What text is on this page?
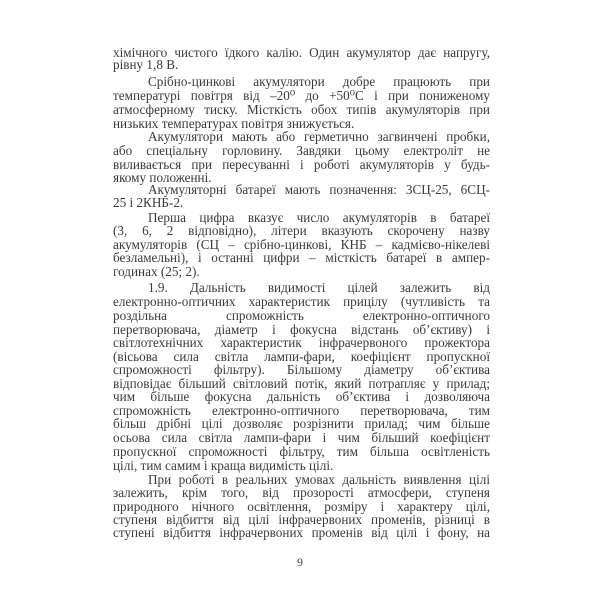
хімічного чистого їдкого калію. Один акумулятор дає напругу,
рівну 1,8 В.
Срібно-цинкові акумулятори добре працюють при
температурі повітря від –20⁰ до +50⁰С і при пониженому
атмосферному тиску. Місткість обох типів акумуляторів при
низьких температурах повітря знижується.
Акумулятори мають або герметично загвинчені пробки,
або спеціальну горловину. Завдяки цьому електроліт не
виливається при пересуванні і роботі акумуляторів у будь-
якому положенні.
Акумуляторні батареї мають позначення: 3СЦ-25, 6СЦ-
25 і 2КНБ-2.
Перша цифра вказує число акумуляторів в батареї
(3, 6, 2 відповідно), літери вказують скорочену назву
акумуляторів (СЦ – срібно-цинкові, КНБ – кадмієво-нікелеві
безламельні), і останні цифри – місткість батареї в ампер-
годинах (25; 2).
1.9. Дальність видимості цілей залежить від
електронно-оптичних характеристик прицілу (чутливість та
роздільна спроможність електронно-оптичного
перетворювача, діаметр і фокусна відстань об’єктиву) і
світлотехнічних характеристик інфрачервоного прожектора
(вісьова сила світла лампи-фари, коефіцієнт пропускної
спроможності фільтру). Більшому діаметру об’єктива
відповідає більший світловий потік, який потрапляє у прилад;
чим більше фокусна дальність об’єктива і дозволяюча
спроможність електронно-оптичного перетворювача, тим
більш дрібні цілі дозволяє розрізнити прилад; чим більше
осьова сила світла лампи-фари і чим більший коефіцієнт
пропускної спроможності фільтру, тим більша освітленість
цілі, тим самим і краща видимість цілі.
При роботі в реальних умовах дальність виявлення цілі
залежить, крім того, від прозорості атмосфери, ступеня
природного нічного освітлення, розміру і характеру цілі,
ступеня відбиття від цілі інфрачервоних променів, різниці в
ступені відбиття інфрачервоних променів від цілі і фону, на
9
